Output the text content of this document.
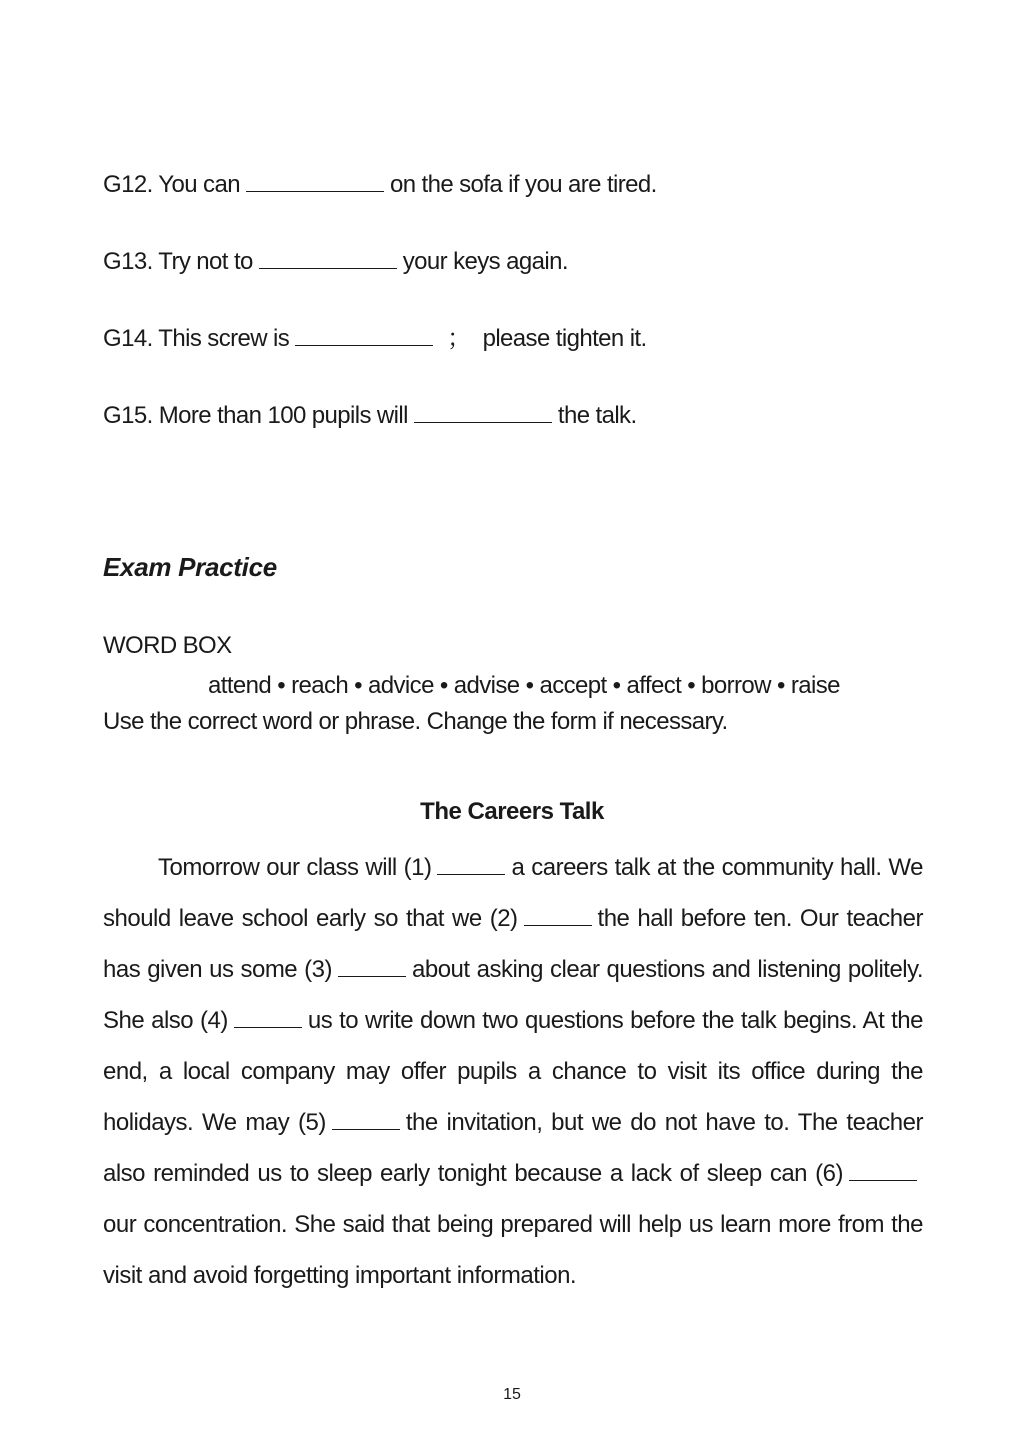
G12. You can	on the sofa if you are tired.
G13. Try not to	your keys again.
G14. This screw is	； please tighten it.
G15. More than 100 pupils will	the talk.
Exam Practice
WORD BOX
attend • reach • advice • advise • accept • affect • borrow • raise
Use the correct word or phrase. Change the form if necessary.
The Careers Talk
Tomorrow our class will (1)	a careers talk at the community hall. We should leave school early so that we (2)	the hall before ten. Our teacher has given us some (3)	about asking clear questions and listening politely. She also (4)	us to write down two questions before the talk begins. At the end, a local company may offer pupils a chance to visit its office during the holidays. We may (5)	the invitation, but we do not have to. The teacher also reminded us to sleep early tonight because a lack of sleep can (6)our concentration. She said that being prepared will help us learn more from the visit and avoid forgetting important information.
15
